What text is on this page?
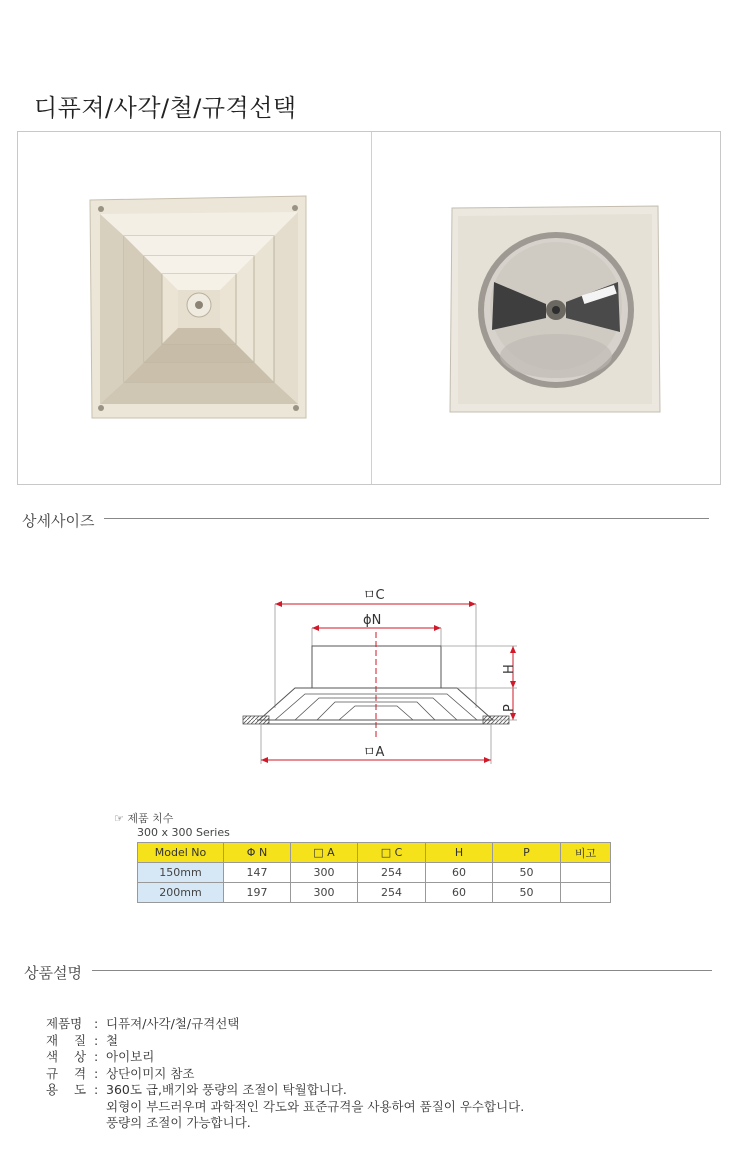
디퓨져/사각/철/규격선택
상세사이즈
ㅁC
ϕN
H
P
ㅁA
☞ 제품 치수
300 x 300 Series
Model No	Φ N	□ A	□ C	H	P	비고
150mm	147	300	254	60	50	
200mm	197	300	254	60	50	
상품설명
제품명 : 디퓨져/사각/철/규격선택
재    질 : 철
색    상 : 아이보리
규    격 : 상단이미지 참조
용    도 : 360도 급,배기와 풍량의 조절이 탁월합니다.
외형이 부드러우며 과학적인 각도와 표준규격을 사용하여 품질이 우수합니다.
풍량의 조절이 가능합니다.
